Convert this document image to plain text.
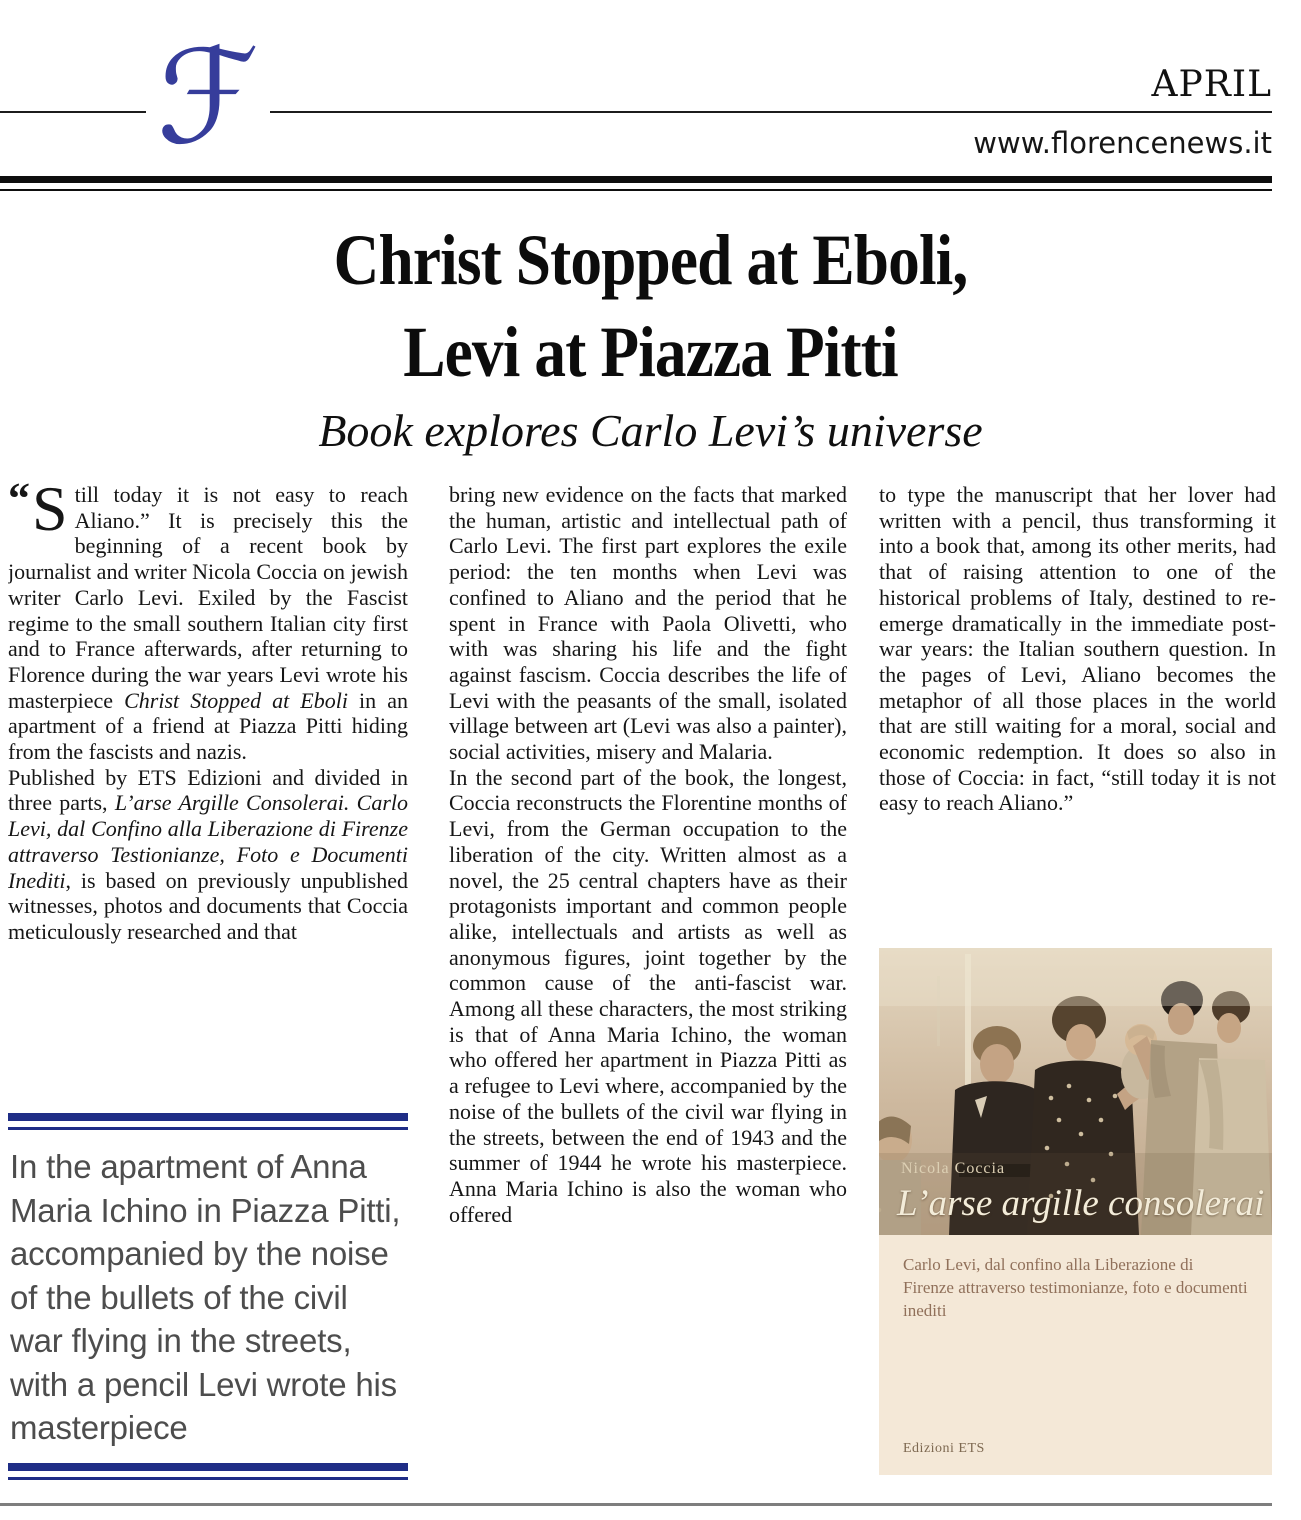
ℱ	APRIL
www.florencenews.it
Christ Stopped at Eboli,
Levi at Piazza Pitti
Book explores Carlo Levi’s universe

“ S till today it is not easy to reach Aliano.” It is precisely this the beginning of a recent book by journalist and writer Nicola Coccia on jewish writer Carlo Levi. Exiled by the Fascist regime to the small southern Italian city first and to France afterwards, after returning to Florence during the war years Levi wrote his masterpiece Christ Stopped at Eboli in an apartment of a friend at Piazza Pitti hiding from the fascists and nazis.

Published by ETS Edizioni and divided in three parts, L’arse Argille Consolerai. Carlo Levi, dal Confino alla Liberazione di Firenze attraverso Testionianze, Foto e Documenti Inediti, is based on previously unpublished witnesses, photos and documents that Coccia meticulously researched and that

In the apartment of Anna Maria Ichino in Piazza Pitti, accompanied by the noise of the bullets of the civil war flying in the streets, with a pencil Levi wrote his masterpiece

bring new evidence on the facts that marked the human, artistic and intellectual path of Carlo Levi. The first part explores the exile period: the ten months when Levi was confined to Aliano and the period that he spent in France with Paola Olivetti, who with was sharing his life and the fight against fascism. Coccia describes the life of Levi with the peasants of the small, isolated village between art (Levi was also a painter), social activities, misery and Malaria.

In the second part of the book, the longest, Coccia reconstructs the Florentine months of Levi, from the German occupation to the liberation of the city. Written almost as a novel, the 25 central chapters have as their protagonists important and common people alike, intellectuals and artists as well as anonymous figures, joint together by the common cause of the anti-fascist war. Among all these characters, the most striking is that of Anna Maria Ichino, the woman who offered her apartment in Piazza Pitti as a refugee to Levi where, accompanied by the noise of the bullets of the civil war flying in the streets, between the end of 1943 and the summer of 1944 he wrote his masterpiece. Anna Maria Ichino is also the woman who offered

to type the manuscript that her lover had written with a pencil, thus transforming it into a book that, among its other merits, had that of raising attention to one of the historical problems of Italy, destined to re-emerge dramatically in the immediate post-war years: the Italian southern question. In the pages of Levi, Aliano becomes the metaphor of all those places in the world that are still waiting for a moral, social and economic redemption. It does so also in those of Coccia: in fact, “still today it is not easy to reach Aliano.”

Nicola Coccia
L’arse argille consolerai
Carlo Levi, dal confino alla Liberazione di Firenze attraverso testimonianze, foto e documenti inediti
Edizioni ETS
